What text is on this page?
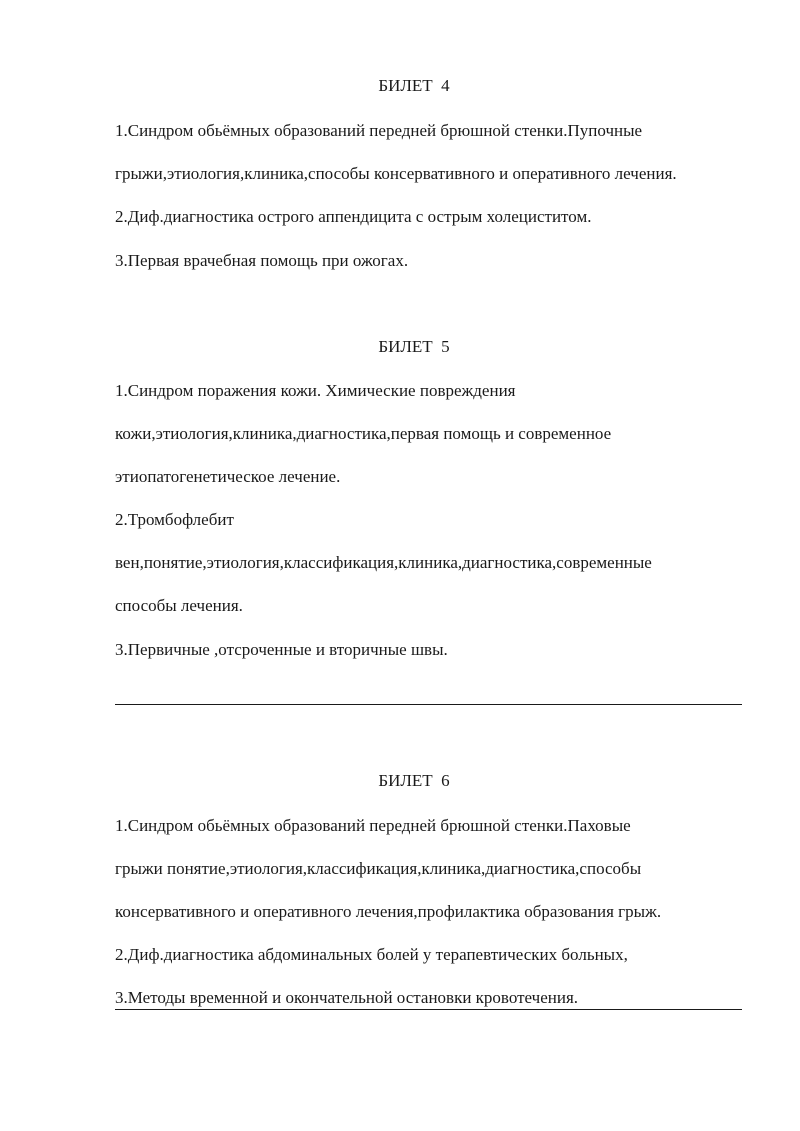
БИЛЕТ  4
1.Синдром обьёмных образований передней брюшной стенки.Пупочные
грыжи,этиология,клиника,способы консервативного и оперативного лечения.
2.Диф.диагностика острого аппендицита с острым холециститом.
3.Первая врачебная помощь при ожогах.
БИЛЕТ  5
1.Синдром поражения кожи. Химические повреждения
кожи,этиология,клиника,диагностика,первая помощь и современное
этиопатогенетическое лечение.
2.Тромбофлебит
вен,понятие,этиология,классификация,клиника,диагностика,современные
способы лечения.
3.Первичные ,отсроченные и вторичные швы.
БИЛЕТ  6
1.Синдром обьёмных образований передней брюшной стенки.Паховые
грыжи понятие,этиология,классификация,клиника,диагностика,способы
консервативного и оперативного лечения,профилактика образования грыж.
2.Диф.диагностика абдоминальных болей у терапевтических больных,
3.Методы временной и окончательной остановки кровотечения.
